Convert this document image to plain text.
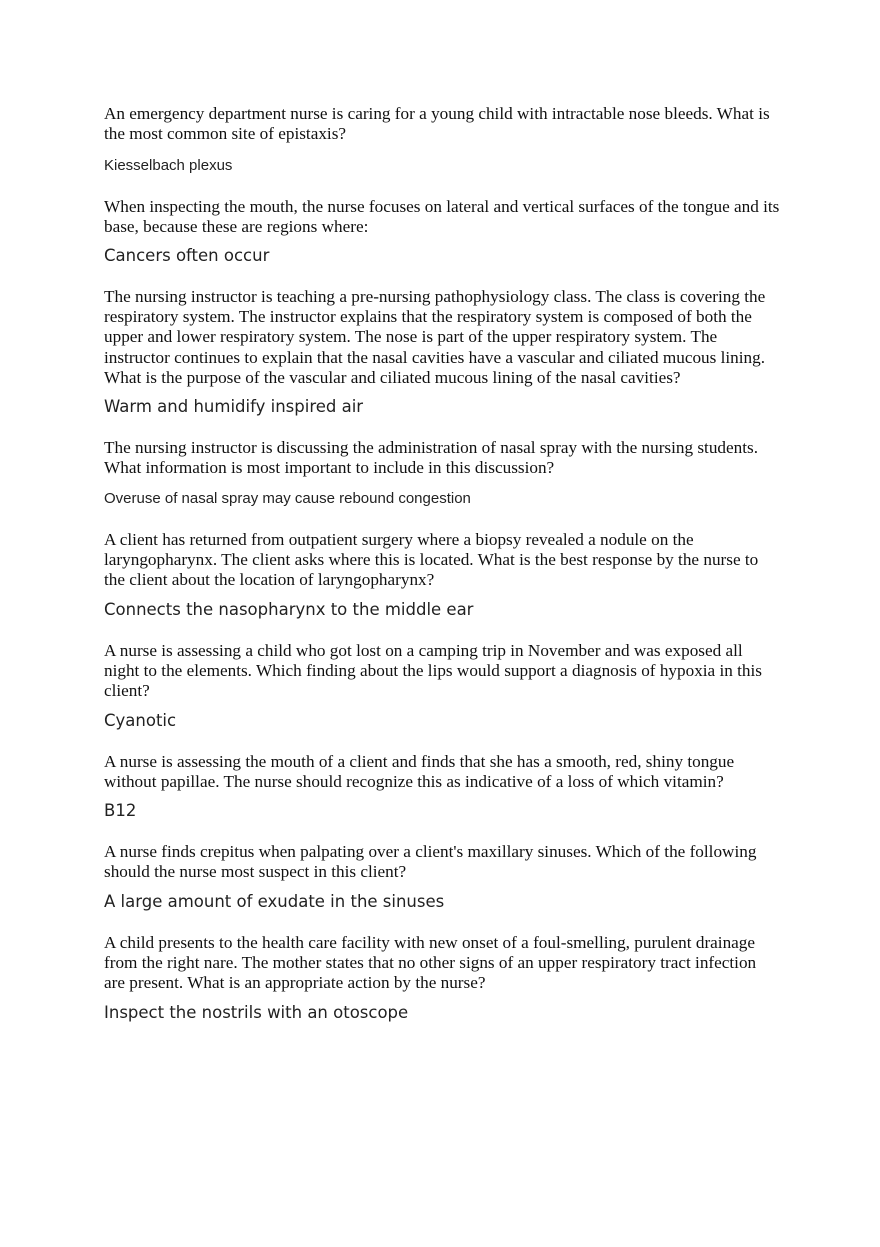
An emergency department nurse is caring for a young child with intractable nose bleeds. What is the most common site of epistaxis?

Kiesselbach plexus

When inspecting the mouth, the nurse focuses on lateral and vertical surfaces of the tongue and its base, because these are regions where:

Cancers often occur

The nursing instructor is teaching a pre-nursing pathophysiology class. The class is covering the respiratory system. The instructor explains that the respiratory system is composed of both the upper and lower respiratory system. The nose is part of the upper respiratory system. The instructor continues to explain that the nasal cavities have a vascular and ciliated mucous lining. What is the purpose of the vascular and ciliated mucous lining of the nasal cavities?

Warm and humidify inspired air

The nursing instructor is discussing the administration of nasal spray with the nursing students. What information is most important to include in this discussion?

Overuse of nasal spray may cause rebound congestion

A client has returned from outpatient surgery where a biopsy revealed a nodule on the laryngopharynx. The client asks where this is located. What is the best response by the nurse to the client about the location of laryngopharynx?

Connects the nasopharynx to the middle ear

A nurse is assessing a child who got lost on a camping trip in November and was exposed all night to the elements. Which finding about the lips would support a diagnosis of hypoxia in this client?

Cyanotic

A nurse is assessing the mouth of a client and finds that she has a smooth, red, shiny tongue without papillae. The nurse should recognize this as indicative of a loss of which vitamin?

B12

A nurse finds crepitus when palpating over a client's maxillary sinuses. Which of the following should the nurse most suspect in this client?

A large amount of exudate in the sinuses

A child presents to the health care facility with new onset of a foul-smelling, purulent drainage from the right nare. The mother states that no other signs of an upper respiratory tract infection are present. What is an appropriate action by the nurse?

Inspect the nostrils with an otoscope
